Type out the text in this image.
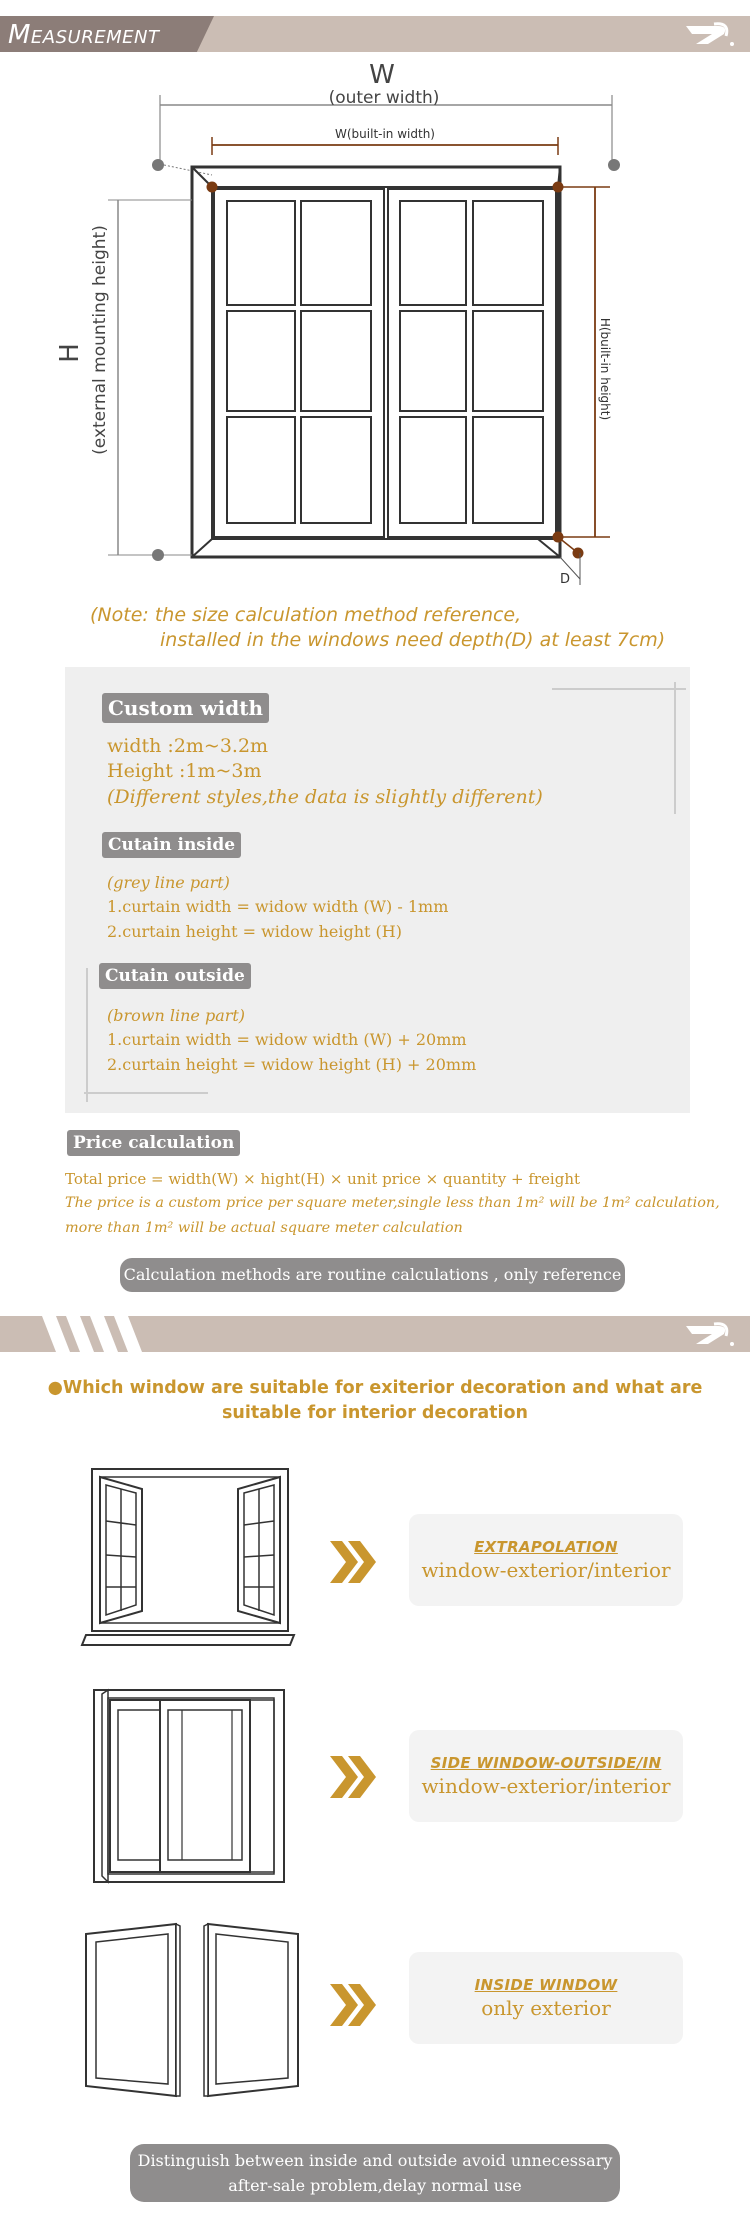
Measurement
W
(outer width)
W(built-in width)
H (external mounting height)	H(built-in height)
D
(Note: the size calculation method reference,
installed in the windows need depth(D) at least 7cm)
Custom width
width :2m~3.2m
Height :1m~3m
(Different styles,the data is slightly different)
Cutain inside
(grey line part)
1.curtain width = widow width (W) - 1mm
2.curtain height = widow height (H)
Cutain outside
(brown line part)
1.curtain width = widow width (W) + 20mm
2.curtain height = widow height (H) + 20mm
Price calculation
Total price = width(W) × hight(H) × unit price × quantity + freight
The price is a custom price per square meter,single less than 1m² will be 1m² calculation,
more than 1m² will be actual square meter calculation
Calculation methods are routine calculations , only reference
●Which window are suitable for exiterior decoration and what are
suitable for interior decoration
EXTRAPOLATION
window-exterior/interior
SIDE WINDOW-OUTSIDE/IN
window-exterior/interior
INSIDE WINDOW
only exterior
Distinguish between inside and outside avoid unnecessary
after-sale problem,delay normal use
